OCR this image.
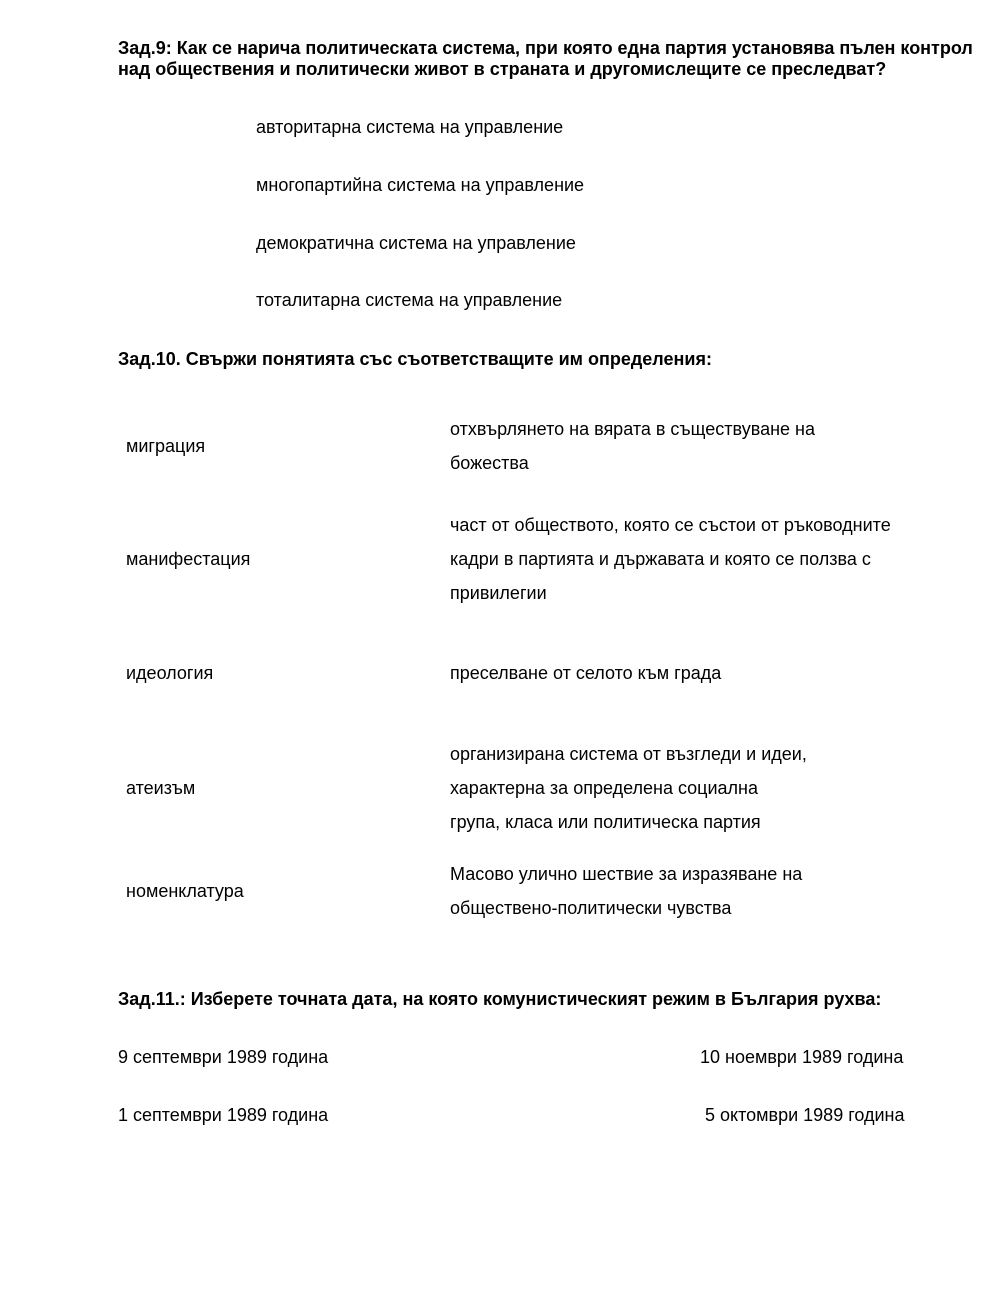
Зад.9: Как се нарича политическата система, при която една партия установява пълен контрол над обществения и политически живот в страната и другомислещите се преследват?
авторитарна система на управление
многопартийна система на управление
демократична система на управление
тоталитарна система на управление
Зад.10. Свържи понятията със съответстващите им определения:
миграция
манифестация
идеология
атеизъм
номенклатура
отхвърлянето на вярата в съществуване на
божества
част от обществото, която се състои от ръководните
кадри в партията и държавата и която се ползва с
привилегии
преселване от селото към града
организирана система от възгледи и идеи,
характерна за определена социална
група, класа или политическа партия
Масово улично шествие за изразяване на
обществено-политически чувства
Зад.11.: Изберете точната дата, на която комунистическият режим в България рухва:
9 септември 1989 година	10 ноември 1989 година
1 септември 1989 година	5 октомври 1989 година
